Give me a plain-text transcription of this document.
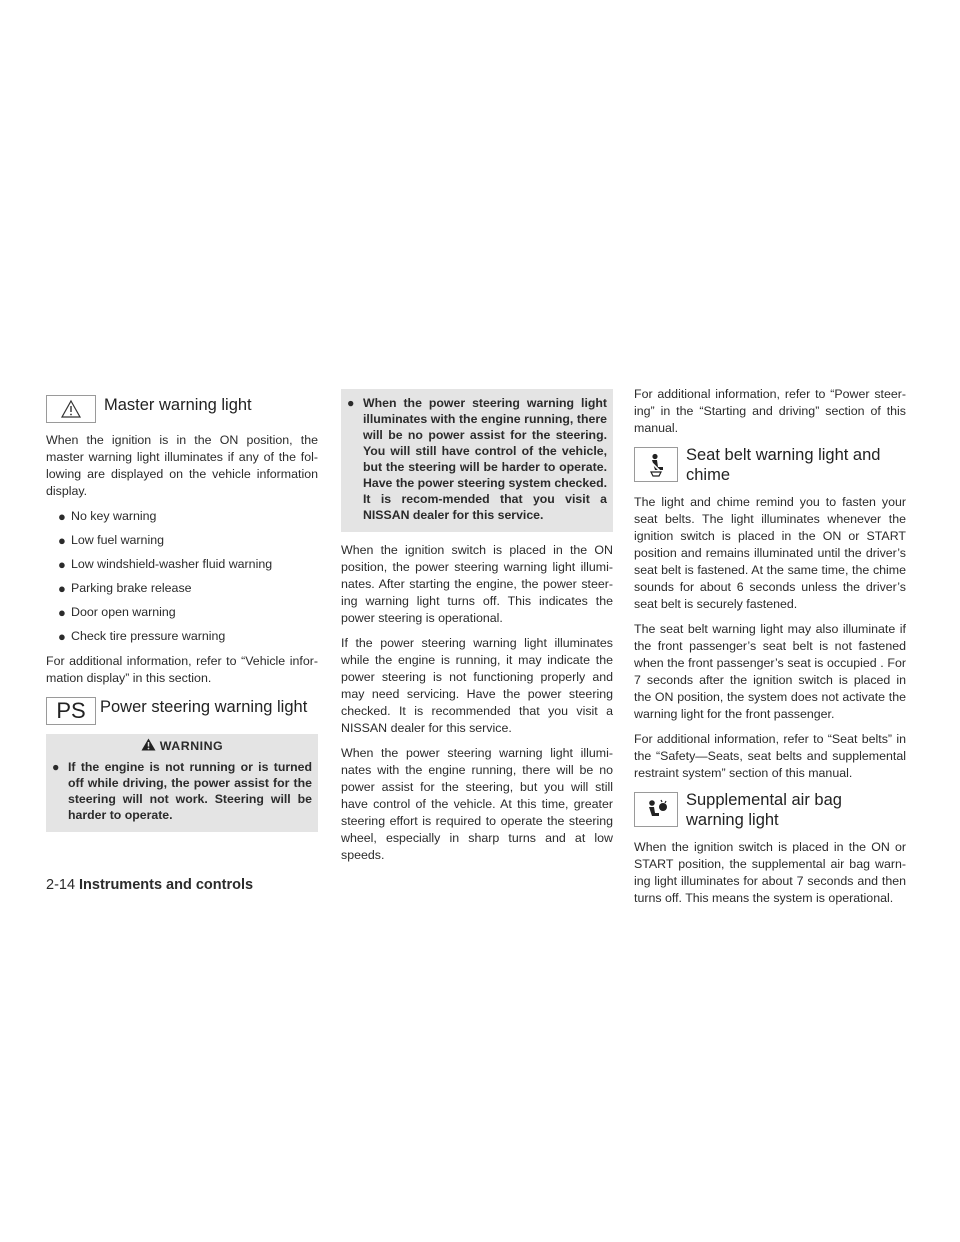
Master warning light

When the ignition is in the ON position, the master warning light illuminates if any of the fol-lowing are displayed on the vehicle information display.

● No key warning
● Low fuel warning
● Low windshield-washer fluid warning
● Parking brake release
● Door open warning
● Check tire pressure warning

For additional information, refer to “Vehicle infor-mation display” in this section.

PS Power steering warning light
WARNING
● If the engine is not running or is turned off while driving, the power assist for the steering will not work. Steering will be harder to operate.
● When the power steering warning light illuminates with the engine running, there will be no power assist for the steering. You will still have control of the vehicle, but the steering will be harder to operate. Have the power steering system checked. It is recom-mended that you visit a NISSAN dealer for this service.

When the ignition switch is placed in the ON position, the power steering warning light illumi-nates. After starting the engine, the power steer-ing warning light turns off. This indicates the power steering is operational.

If the power steering warning light illuminates while the engine is running, it may indicate the power steering is not functioning properly and may need servicing. Have the power steering checked. It is recommended that you visit a NISSAN dealer for this service.

When the power steering warning light illumi-nates with the engine running, there will be no power assist for the steering, but you will still have control of the vehicle. At this time, greater steering effort is required to operate the steering wheel, especially in sharp turns and at low speeds.

For additional information, refer to “Power steer-ing” in the “Starting and driving” section of this manual.

Seat belt warning light and chime

The light and chime remind you to fasten your seat belts. The light illuminates whenever the ignition switch is placed in the ON or START position and remains illuminated until the driver’s seat belt is fastened. At the same time, the chime sounds for about 6 seconds unless the driver’s seat belt is securely fastened.

The seat belt warning light may also illuminate if the front passenger’s seat belt is not fastened when the front passenger’s seat is occupied . For 7 seconds after the ignition switch is placed in the ON position, the system does not activate the warning light for the front passenger.

For additional information, refer to “Seat belts” in the “Safety—Seats, seat belts and supplemental restraint system” section of this manual.

Supplemental air bag warning light

When the ignition switch is placed in the ON or START position, the supplemental air bag warn-ing light illuminates for about 7 seconds and then turns off. This means the system is operational.

2-14 Instruments and controls
